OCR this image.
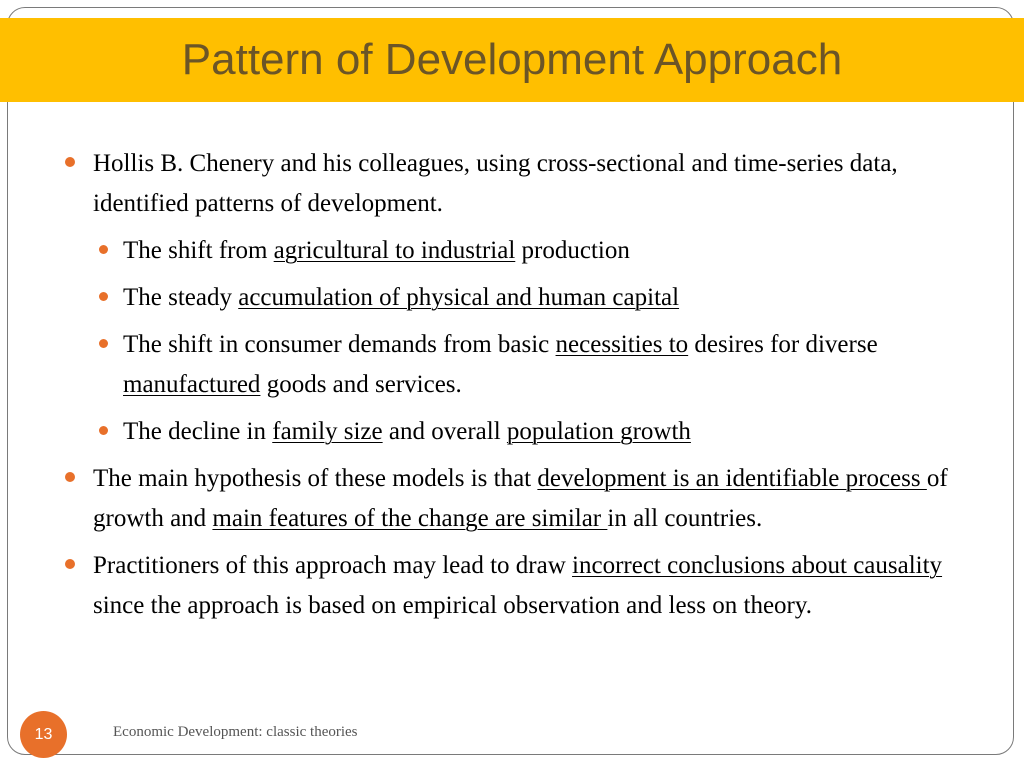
Pattern of Development Approach
Hollis B. Chenery and his colleagues, using cross-sectional and time-series data, identified patterns of development.
The shift from agricultural to industrial production
The steady accumulation of physical and human capital
The shift in consumer demands from basic necessities to desires for diverse manufactured goods and services.
The decline in family size and overall population growth
The main hypothesis of these models is that development is an identifiable process of growth and main features of the change are similar in all countries.
Practitioners of this approach may lead to draw incorrect conclusions about causality since the approach is based on empirical observation and less on theory.
13	Economic Development: classic theories
